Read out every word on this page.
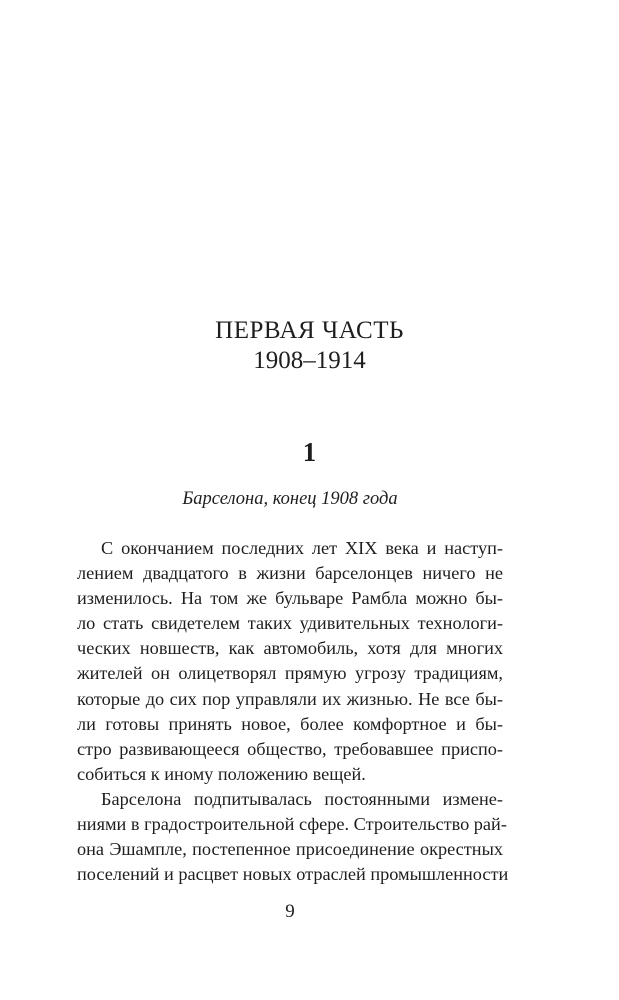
ПЕРВАЯ ЧАСТЬ
1908–1914
1
Барселона, конец 1908 года
С окончанием последних лет XIX века и наступ-
лением двадцатого в жизни барселонцев ничего не
изменилось. На том же бульваре Рамбла можно бы-
ло стать свидетелем таких удивительных технологи-
ческих новшеств, как автомобиль, хотя для многих
жителей он олицетворял прямую угрозу традициям,
которые до сих пор управляли их жизнью. Не все бы-
ли готовы принять новое, более комфортное и бы-
стро развивающееся общество, требовавшее приспо-
собиться к иному положению вещей.
Барселона подпитывалась постоянными измене-
ниями в градостроительной сфере. Строительство рай-
она Эшампле, постепенное присоединение окрестных
поселений и расцвет новых отраслей промышленности
9
